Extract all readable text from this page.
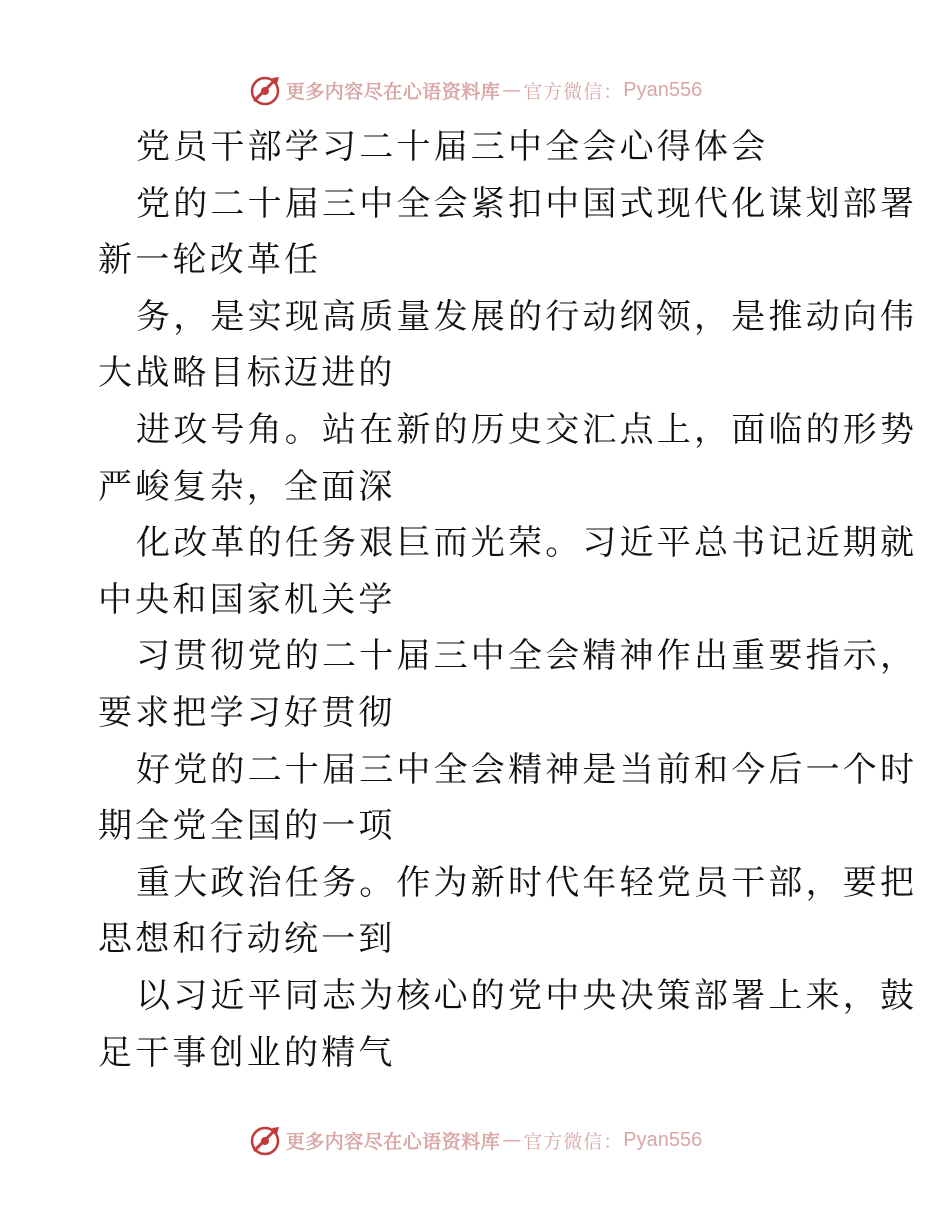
更多内容尽在心语资料库 — 官方微信： Pyan556
党员干部学习二十届三中全会心得体会
党的二十届三中全会紧扣中国式现代化谋划部署
新一轮改革任
务，是实现高质量发展的行动纲领，是推动向伟
大战略目标迈进的
进攻号角。站在新的历史交汇点上，面临的形势
严峻复杂，全面深
化改革的任务艰巨而光荣。习近平总书记近期就
中央和国家机关学
习贯彻党的二十届三中全会精神作出重要指示，
要求把学习好贯彻
好党的二十届三中全会精神是当前和今后一个时
期全党全国的一项
重大政治任务。作为新时代年轻党员干部，要把
思想和行动统一到
以习近平同志为核心的党中央决策部署上来，鼓
足干事创业的精气
更多内容尽在心语资料库 — 官方微信： Pyan556
